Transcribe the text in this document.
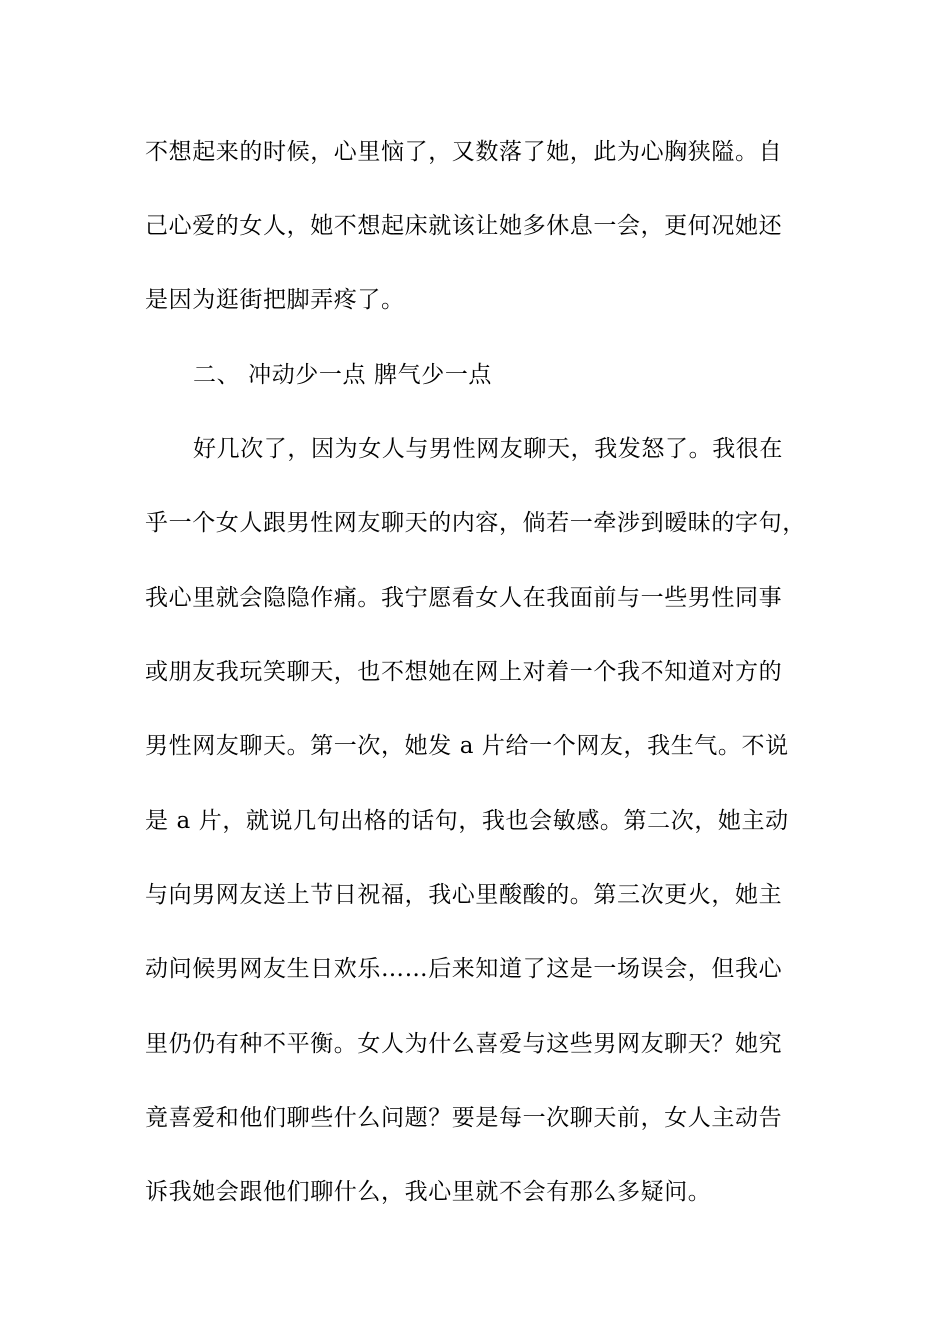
不想起来的时候，心里恼了，又数落了她，此为心胸狭隘。自
己心爱的女人，她不想起床就该让她多休息一会，更何况她还
是因为逛街把脚弄疼了。
二、 冲动少一点 脾气少一点
好几次了，因为女人与男性网友聊天，我发怒了。我很在
乎一个女人跟男性网友聊天的内容，倘若一牵涉到暧昧的字句，
我心里就会隐隐作痛。我宁愿看女人在我面前与一些男性同事
或朋友我玩笑聊天，也不想她在网上对着一个我不知道对方的
男性网友聊天。第一次，她发 a 片给一个网友，我生气。不说
是 a 片，就说几句出格的话句，我也会敏感。第二次，她主动
与向男网友送上节日祝福，我心里酸酸的。第三次更火，她主
动问候男网友生日欢乐……后来知道了这是一场误会，但我心
里仍仍有种不平衡。女人为什么喜爱与这些男网友聊天？她究
竟喜爱和他们聊些什么问题？要是每一次聊天前，女人主动告
诉我她会跟他们聊什么，我心里就不会有那么多疑问。
